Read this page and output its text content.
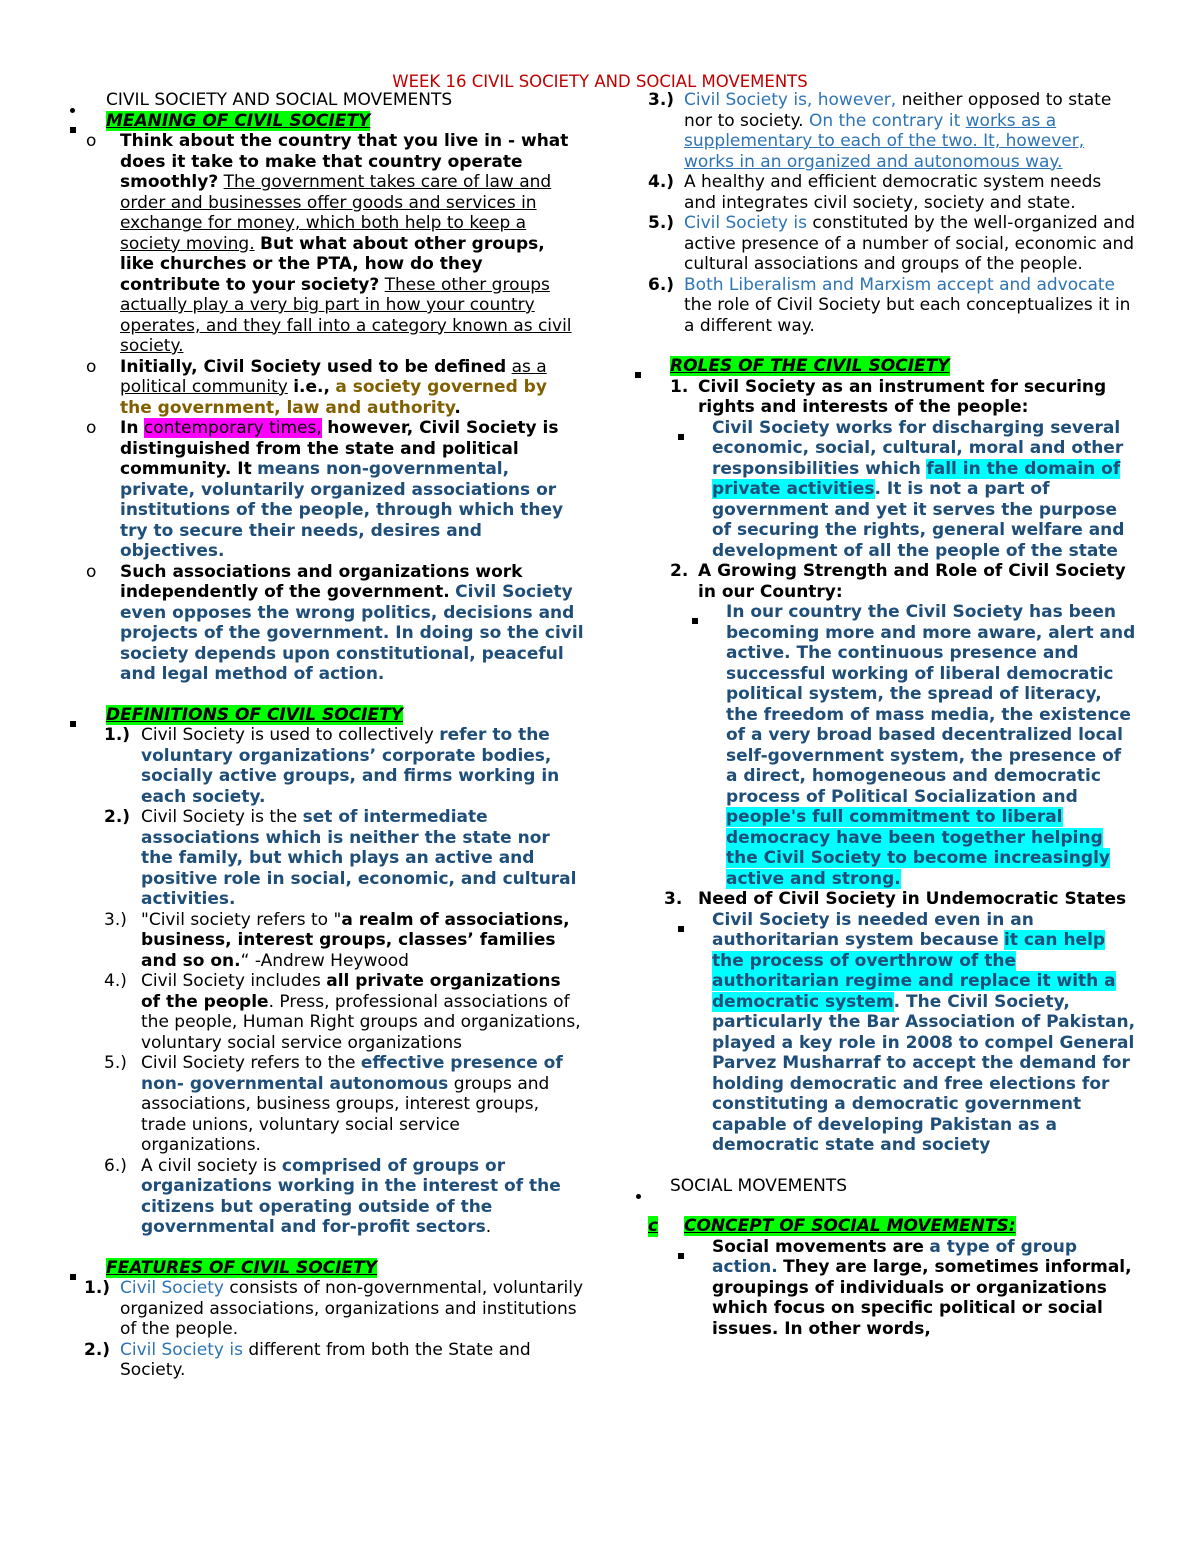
WEEK 16 CIVIL SOCIETY AND SOCIAL MOVEMENTS
CIVIL SOCIETY AND SOCIAL MOVEMENTS
MEANING OF CIVIL SOCIETY
o Think about the country that you live in - what does it take to make that country operate smoothly? The government takes care of law and order and businesses offer goods and services in exchange for money, which both help to keep a society moving. But what about other groups, like churches or the PTA, how do they contribute to your society? These other groups actually play a very big part in how your country operates, and they fall into a category known as civil society.
o Initially, Civil Society used to be defined as a political community i.e., a society governed by the government, law and authority.
o In contemporary times, however, Civil Society is distinguished from the state and political community. It means non-governmental, private, voluntarily organized associations or institutions of the people, through which they try to secure their needs, desires and objectives.
o Such associations and organizations work independently of the government. Civil Society even opposes the wrong politics, decisions and projects of the government. In doing so the civil society depends upon constitutional, peaceful and legal method of action.
DEFINITIONS OF CIVIL SOCIETY
1.) Civil Society is used to collectively refer to the voluntary organizations’ corporate bodies, socially active groups, and firms working in each society.
2.) Civil Society is the set of intermediate associations which is neither the state nor the family, but which plays an active and positive role in social, economic, and cultural activities.
3.) "Civil society refers to "a realm of associations, business, interest groups, classes’ families and so on.“ -Andrew Heywood
4.) Civil Society includes all private organizations of the people. Press, professional associations of the people, Human Right groups and organizations, voluntary social service organizations
5.) Civil Society refers to the effective presence of non- governmental autonomous groups and associations, business groups, interest groups, trade unions, voluntary social service organizations.
6.) A civil society is comprised of groups or organizations working in the interest of the citizens but operating outside of the governmental and for-profit sectors.
FEATURES OF CIVIL SOCIETY
1.) Civil Society consists of non-governmental, voluntarily organized associations, organizations and institutions of the people.
2.) Civil Society is different from both the State and Society.
3.) Civil Society is, however, neither opposed to state nor to society. On the contrary it works as a supplementary to each of the two. It, however, works in an organized and autonomous way.
4.) A healthy and efficient democratic system needs and integrates civil society, society and state.
5.) Civil Society is constituted by the well-organized and active presence of a number of social, economic and cultural associations and groups of the people.
6.) Both Liberalism and Marxism accept and advocate the role of Civil Society but each conceptualizes it in a different way.
ROLES OF THE CIVIL SOCIETY
1. Civil Society as an instrument for securing rights and interests of the people:
Civil Society works for discharging several economic, social, cultural, moral and other responsibilities which fall in the domain of private activities. It is not a part of government and yet it serves the purpose of securing the rights, general welfare and development of all the people of the state
2. A Growing Strength and Role of Civil Society in our Country:
In our country the Civil Society has been becoming more and more aware, alert and active. The continuous presence and successful working of liberal democratic political system, the spread of literacy, the freedom of mass media, the existence of a very broad based decentralized local self-government system, the presence of a direct, homogeneous and democratic process of Political Socialization and people's full commitment to liberal democracy have been together helping the Civil Society to become increasingly active and strong.
3. Need of Civil Society in Undemocratic States
Civil Society is needed even in an authoritarian system because it can help the process of overthrow of the authoritarian regime and replace it with a democratic system. The Civil Society, particularly the Bar Association of Pakistan, played a key role in 2008 to compel General Parvez Musharraf to accept the demand for holding democratic and free elections for constituting a democratic government capable of developing Pakistan as a democratic state and society
SOCIAL MOVEMENTS
c CONCEPT OF SOCIAL MOVEMENTS:
Social movements are a type of group action. They are large, sometimes informal, groupings of individuals or organizations which focus on specific political or social issues. In other words,
